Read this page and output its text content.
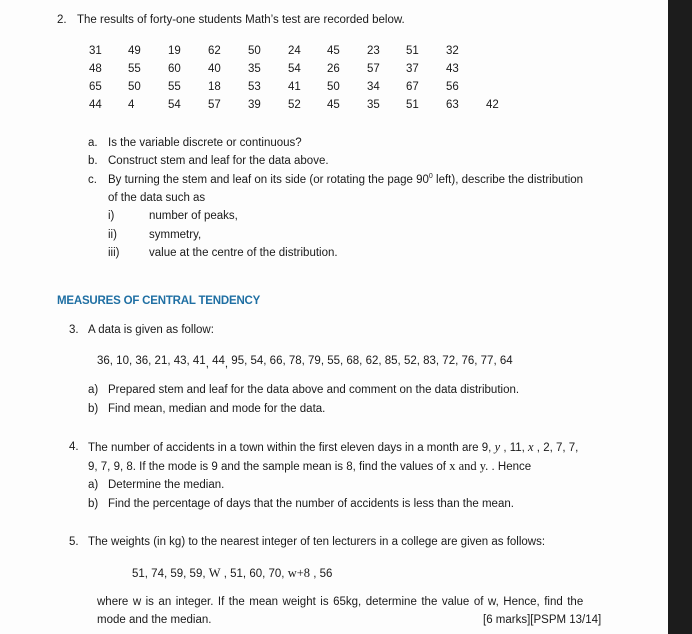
2. The results of forty-one students Math’s test are recorded below.
31 49 19 62 50 24 45 23 51 32
48 55 60 40 35 54 26 57 37 43
65 50 55 18 53 41 50 34 67 56
44 4	54 57 39 52 45 35 51 63 42
a. Is the variable discrete or continuous?
b. Construct stem and leaf for the data above.
c. By turning the stem and leaf on its side (or rotating the page $90^0$ left), describe the distribution
of the data such as
i)	number of peaks,
ii)	symmetry,
iii)	value at the centre of the distribution.
MEASURES OF CENTRAL TENDENCY
3. A data is given as follow:
36, 10, 36, 21, 43, 41, 44, 95, 54, 66, 78, 79, 55, 68, 62, 85, 52, 83, 72, 76, 77, 64
a) Prepared stem and leaf for the data above and comment on the data distribution.
b) Find mean, median and mode for the data.
4. The number of accidents in a town within the first eleven days in a month are 9, y , 11, x , 2, 7, 7,
9, 7, 9, 8. If the mode is 9 and the sample mean is 8, find the values of x and y. . Hence
a) Determine the median.
b) Find the percentage of days that the number of accidents is less than the mean.
5. The weights (in kg) to the nearest integer of ten lecturers in a college are given as follows:
51, 74, 59, 59, W , 51, 60, 70, w+8 , 56
where w is an integer. If the mean weight is 65kg, determine the value of w, Hence, find the
mode and the median.	[6 marks][PSPM 13/14]
